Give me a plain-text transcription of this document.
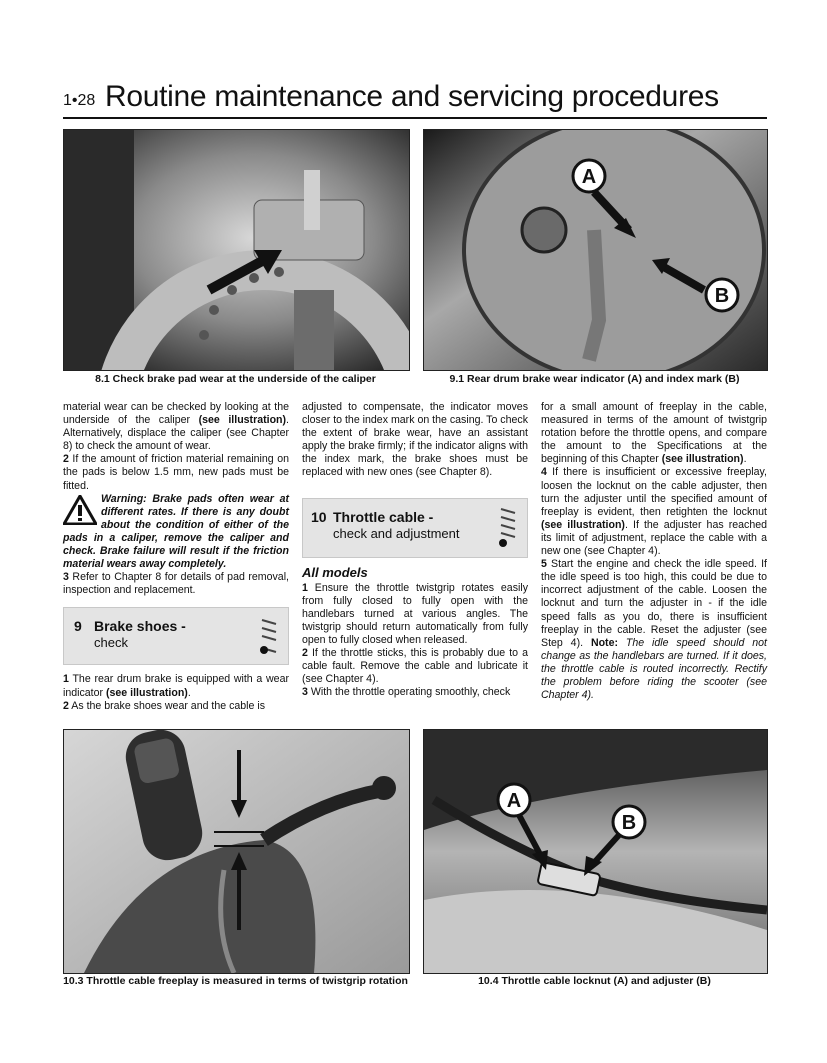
1•28 Routine maintenance and servicing procedures
8.1 Check brake pad wear at the underside of the caliper
A
B
9.1 Rear drum brake wear indicator (A) and index mark (B)

material wear can be checked by looking at the underside of the caliper (see illustration). Alternatively, displace the caliper (see Chapter 8) to check the amount of wear.

2 If the amount of friction material remaining on the pads is below 1.5 mm, new pads must be fitted.

Warning: Brake pads often wear at different rates. If there is any doubt about the condition of either of the pads in a caliper, remove the caliper and check. Brake failure will result if the friction material wears away completely.

3 Refer to Chapter 8 for details of pad removal, inspection and replacement.

9 Brake shoes -
check

1 The rear drum brake is equipped with a wear indicator (see illustration).

2 As the brake shoes wear and the cable is

adjusted to compensate, the indicator moves closer to the index mark on the casing. To check the extent of brake wear, have an assistant apply the brake firmly; if the indicator aligns with the index mark, the brake shoes must be replaced with new ones (see Chapter 8).

10 Throttle cable -
check and adjustment
All models

1 Ensure the throttle twistgrip rotates easily from fully closed to fully open with the handlebars turned at various angles. The twistgrip should return automatically from fully open to fully closed when released.

2 If the throttle sticks, this is probably due to a cable fault. Remove the cable and lubricate it (see Chapter 4).

3 With the throttle operating smoothly, check

for a small amount of freeplay in the cable, measured in terms of the amount of twistgrip rotation before the throttle opens, and compare the amount to the Specifications at the beginning of this Chapter (see illustration).

4 If there is insufficient or excessive freeplay, loosen the locknut on the cable adjuster, then turn the adjuster until the specified amount of freeplay is evident, then retighten the locknut (see illustration). If the adjuster has reached its limit of adjustment, replace the cable with a new one (see Chapter 4).

5 Start the engine and check the idle speed. If the idle speed is too high, this could be due to incorrect adjustment of the cable. Loosen the locknut and turn the adjuster in - if the idle speed falls as you do, there is insufficient freeplay in the cable. Reset the adjuster (see Step 4). Note: The idle speed should not change as the handlebars are turned. If it does, the throttle cable is routed incorrectly. Rectify the problem before riding the scooter (see Chapter 4).

10.3 Throttle cable freeplay is measured in terms of twistgrip rotation
A
B
10.4 Throttle cable locknut (A) and adjuster (B)
